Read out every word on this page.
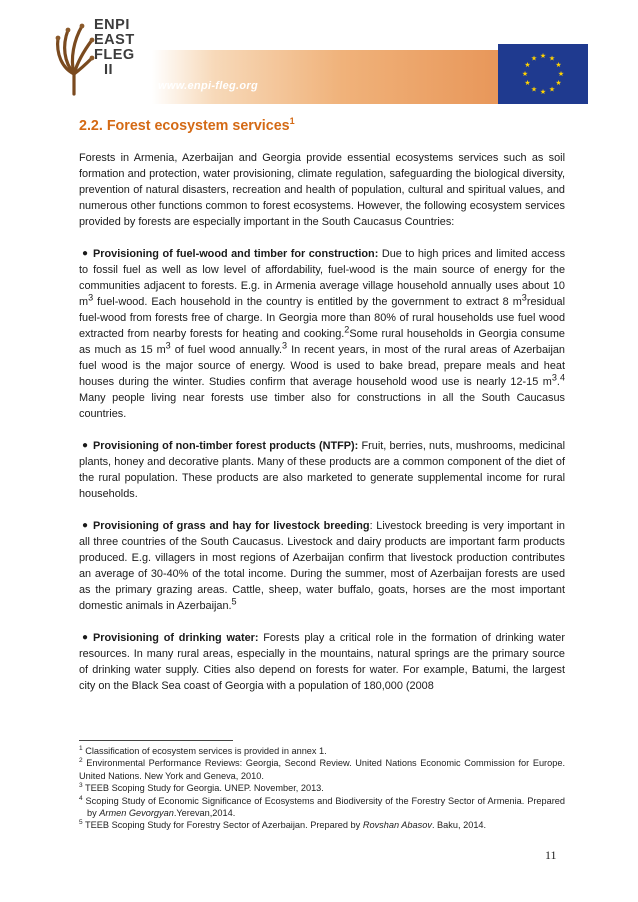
ENPI
EAST
FLEG
II
www.enpi-fleg.org
★ ★
★
★
★
★
★
★
★
★
★
★
2.2. Forest ecosystem services$^1$

Forests in Armenia, Azerbaijan and Georgia provide essential ecosystems services such as soil formation and protection, water provisioning, climate regulation, safeguarding the biological diversity, prevention of natural disasters, recreation and health of population, cultural and spiritual values, and numerous other functions common to forest ecosystems. However, the following ecosystem services provided by forests are especially important in the South Caucasus Countries:

● Provisioning of fuel-wood and timber for construction: Due to high prices and limited access to fossil fuel as well as low level of affordability, fuel-wood is the main source of energy for the communities adjacent to forests. E.g. in Armenia average village household annually uses about 10 $m^3$ fuel-wood. Each household in the country is entitled by the government to extract 8 $m^3residual$ fuel-wood from forests free of charge. In Georgia more than 80% of rural households use fuel wood extracted from nearby forests for heating and cooking.$^2$Some rural households in Georgia consume as much as 15 $m^3$ of fuel wood annually.$^3$ In recent years, in most of the rural areas of Azerbaijan fuel wood is the major source of energy. Wood is used to bake bread, prepare meals and heat houses during the winter. Studies confirm that average household wood use is nearly 12-15 $m^3.^4$ Many people living near forests use timber also for constructions in all the South Caucasus countries.

● Provisioning of non-timber forest products (NTFP): Fruit, berries, nuts, mushrooms, medicinal plants, honey and decorative plants. Many of these products are a common component of the diet of the rural population. These products are also marketed to generate supplemental income for rural households.

● Provisioning of grass and hay for livestock breeding: Livestock breeding is very important in all three countries of the South Caucasus. Livestock and dairy products are important farm products produced. E.g. villagers in most regions of Azerbaijan confirm that livestock production contributes an average of 30-40% of the total income. During the summer, most of Azerbaijan forests are used as the primary grazing areas. Cattle, sheep, water buffalo, goats, horses are the most important domestic animals in Azerbaijan.$^5$

● Provisioning of drinking water: Forests play a critical role in the formation of drinking water resources. In many rural areas, especially in the mountains, natural springs are the primary source of drinking water supply. Cities also depend on forests for water. For example, Batumi, the largest city on the Black Sea coast of Georgia with a population of 180,000 (2008

$^1$ Classification of ecosystem services is provided in annex 1.
$^2$ Environmental Performance Reviews: Georgia, Second Review. United Nations Economic Commission for Europe. United Nations. New York and Geneva, 2010.
$^3$ TEEB Scoping Study for Georgia. UNEP. November, 2013.
$^4$ Scoping Study of Economic Significance of Ecosystems and Biodiversity of the Forestry Sector of Armenia. Prepared by Armen Gevorgyan.Yerevan,2014.
$^5$ TEEB Scoping Study for Forestry Sector of Azerbaijan. Prepared by Rovshan Abasov. Baku, 2014.
11
